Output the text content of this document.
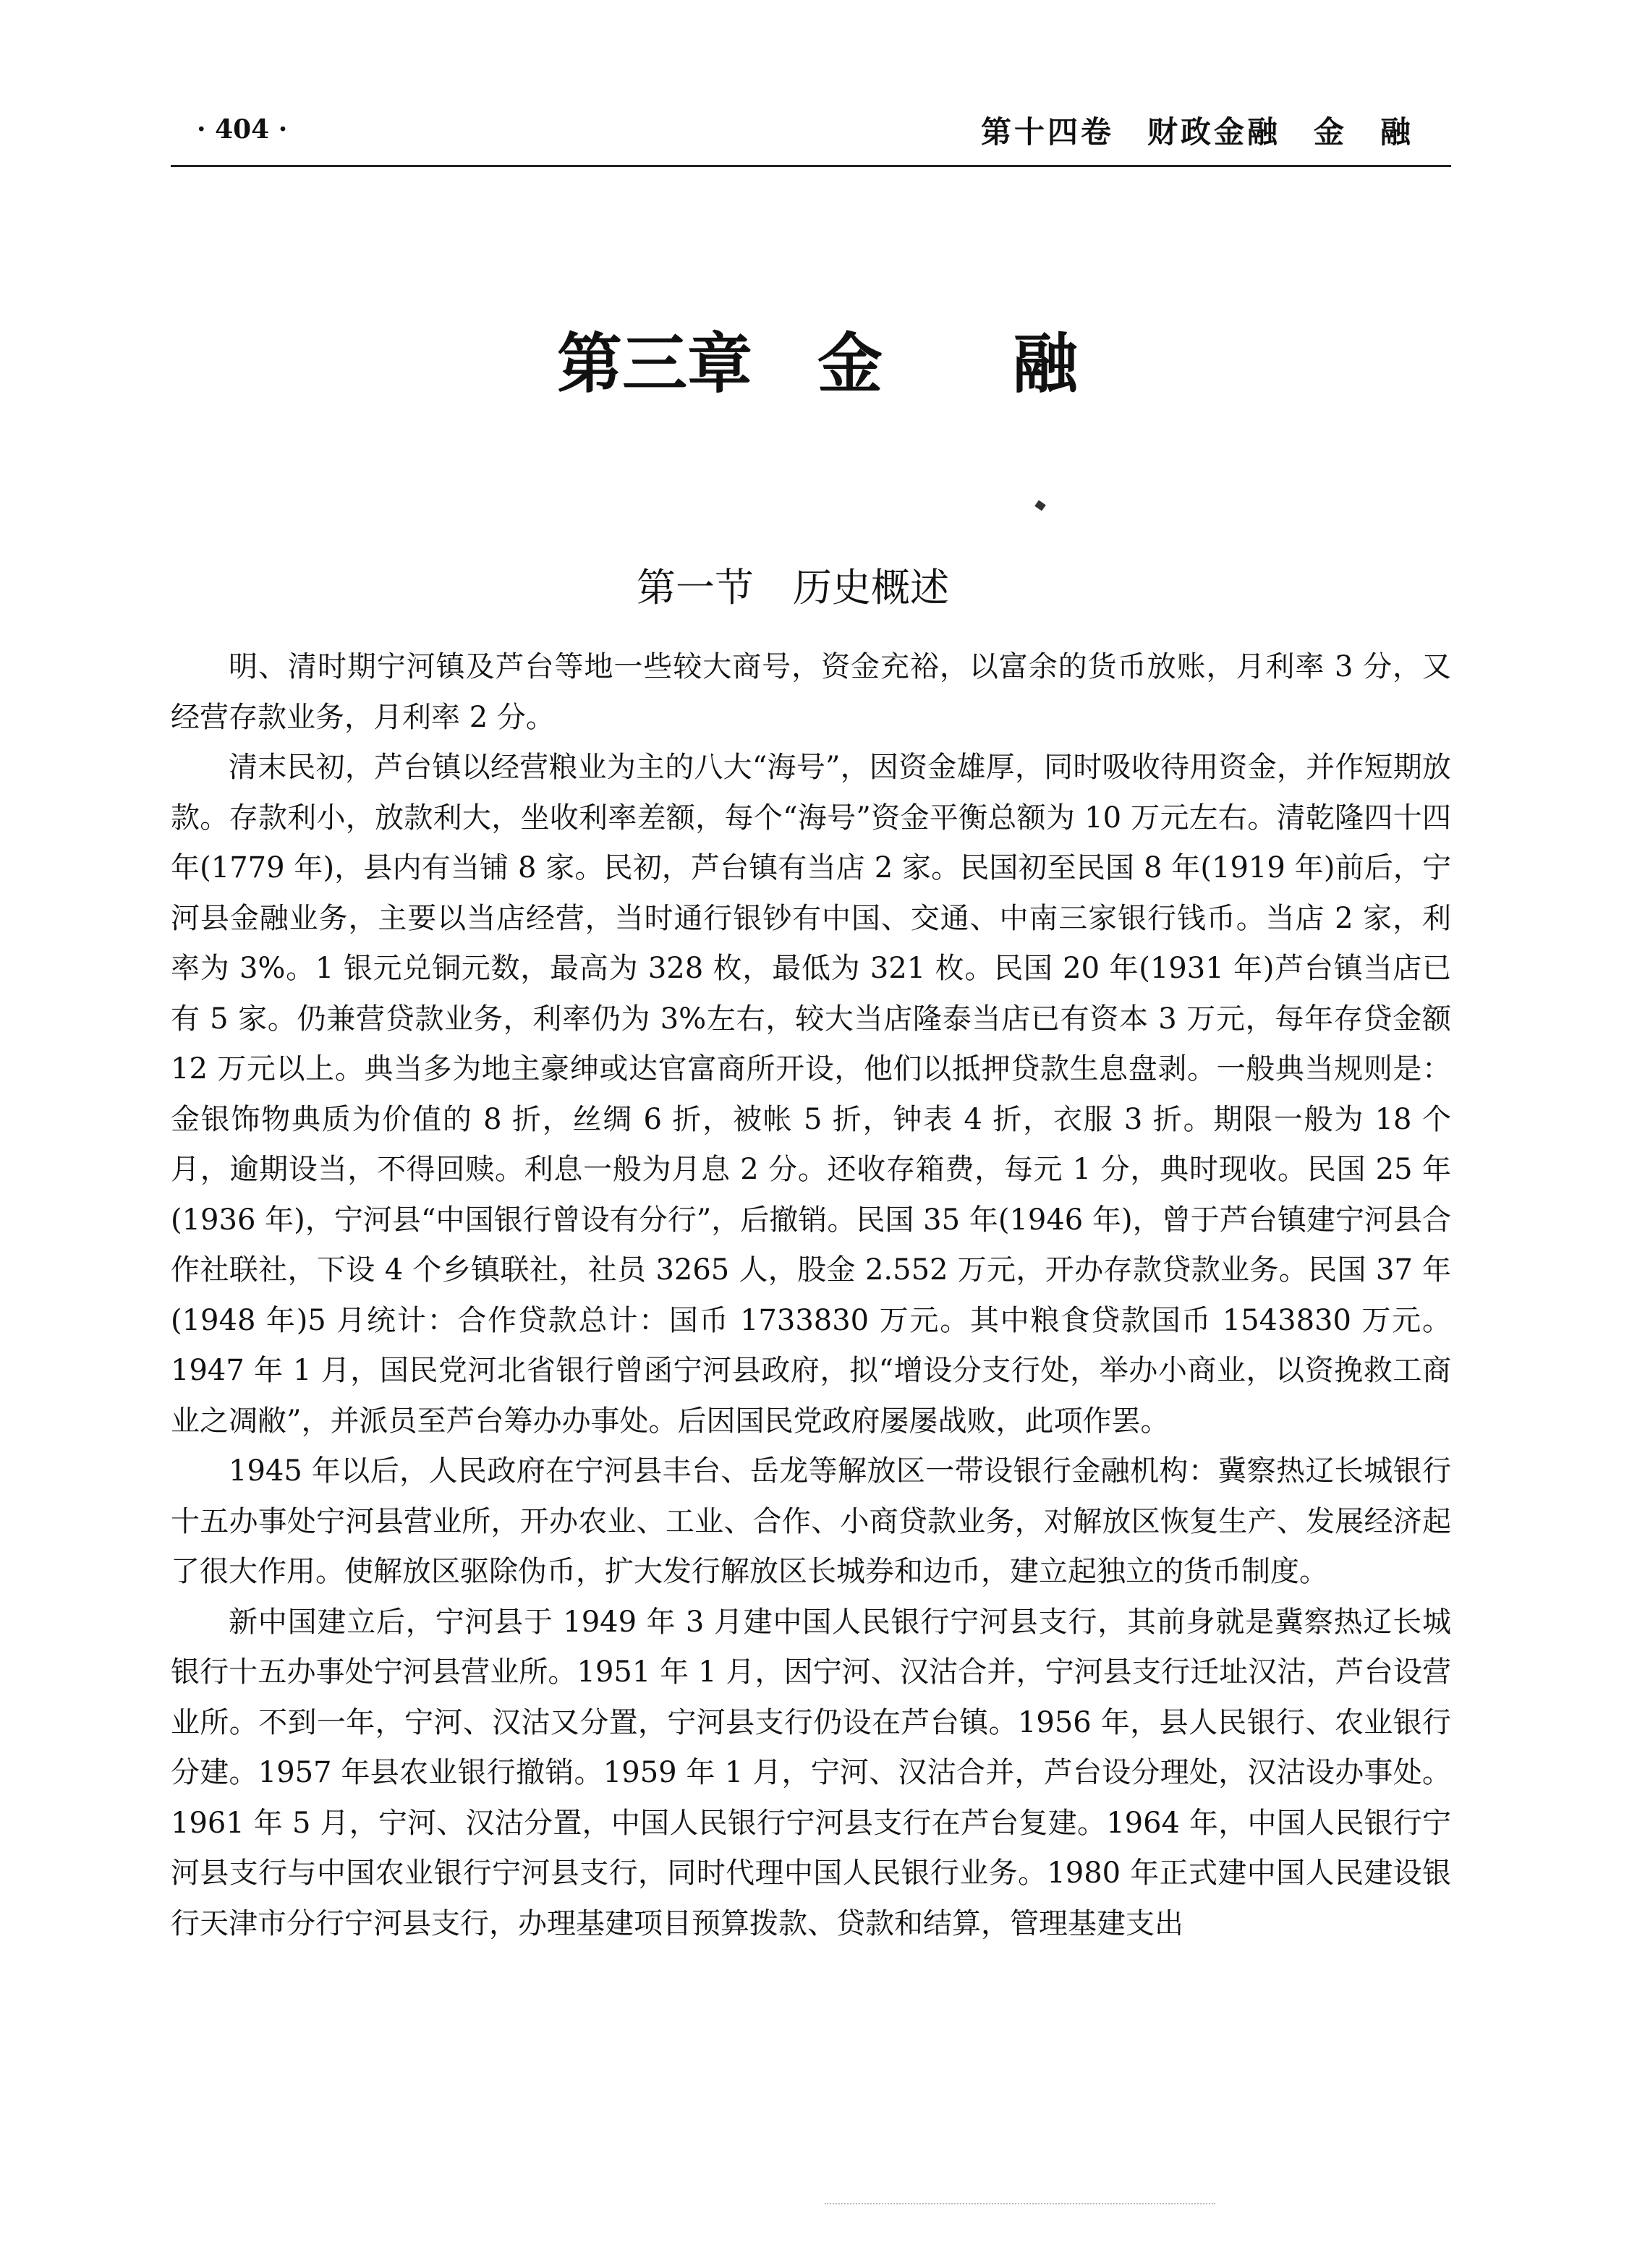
· 404 ·	第十四卷　财政金融　金　融
第三章　金　　融
第一节　历史概述

明、清时期宁河镇及芦台等地一些较大商号，资金充裕，以富余的货币放账，月利率 3 分，又经营存款业务，月利率 2 分。

清末民初，芦台镇以经营粮业为主的八大“海号”，因资金雄厚，同时吸收待用资金，并作短期放款。存款利小，放款利大，坐收利率差额，每个“海号”资金平衡总额为 10 万元左右。清乾隆四十四年(1779 年)，县内有当铺 8 家。民初，芦台镇有当店 2 家。民国初至民国 8 年(1919 年)前后，宁河县金融业务，主要以当店经营，当时通行银钞有中国、交通、中南三家银行钱币。当店 2 家，利率为 3%。1 银元兑铜元数，最高为 328 枚，最低为 321 枚。民国 20 年(1931 年)芦台镇当店已有 5 家。仍兼营贷款业务，利率仍为 3%左右，较大当店隆泰当店已有资本 3 万元，每年存贷金额 12 万元以上。典当多为地主豪绅或达官富商所开设，他们以抵押贷款生息盘剥。一般典当规则是：金银饰物典质为价值的 8 折，丝绸 6 折，被帐 5 折，钟表 4 折，衣服 3 折。期限一般为 18 个月，逾期设当，不得回赎。利息一般为月息 2 分。还收存箱费，每元 1 分，典时现收。民国 25 年(1936 年)，宁河县“中国银行曾设有分行”，后撤销。民国 35 年(1946 年)，曾于芦台镇建宁河县合作社联社，下设 4 个乡镇联社，社员 3265 人，股金 2.552 万元，开办存款贷款业务。民国 37 年(1948 年)5 月统计：合作贷款总计：国币 1733830 万元。其中粮食贷款国币 1543830 万元。1947 年 1 月，国民党河北省银行曾函宁河县政府，拟“增设分支行处，举办小商业，以资挽救工商业之凋敝”，并派员至芦台筹办办事处。后因国民党政府屡屡战败，此项作罢。

1945 年以后，人民政府在宁河县丰台、岳龙等解放区一带设银行金融机构：冀察热辽长城银行十五办事处宁河县营业所，开办农业、工业、合作、小商贷款业务，对解放区恢复生产、发展经济起了很大作用。使解放区驱除伪币，扩大发行解放区长城券和边币，建立起独立的货币制度。

新中国建立后，宁河县于 1949 年 3 月建中国人民银行宁河县支行，其前身就是冀察热辽长城银行十五办事处宁河县营业所。1951 年 1 月，因宁河、汉沽合并，宁河县支行迁址汉沽，芦台设营业所。不到一年，宁河、汉沽又分置，宁河县支行仍设在芦台镇。1956 年，县人民银行、农业银行分建。1957 年县农业银行撤销。1959 年 1 月，宁河、汉沽合并，芦台设分理处，汉沽设办事处。1961 年 5 月，宁河、汉沽分置，中国人民银行宁河县支行在芦台复建。1964 年，中国人民银行宁河县支行与中国农业银行宁河县支行，同时代理中国人民银行业务。1980 年正式建中国人民建设银行天津市分行宁河县支行，办理基建项目预算拨款、贷款和结算，管理基建支出
